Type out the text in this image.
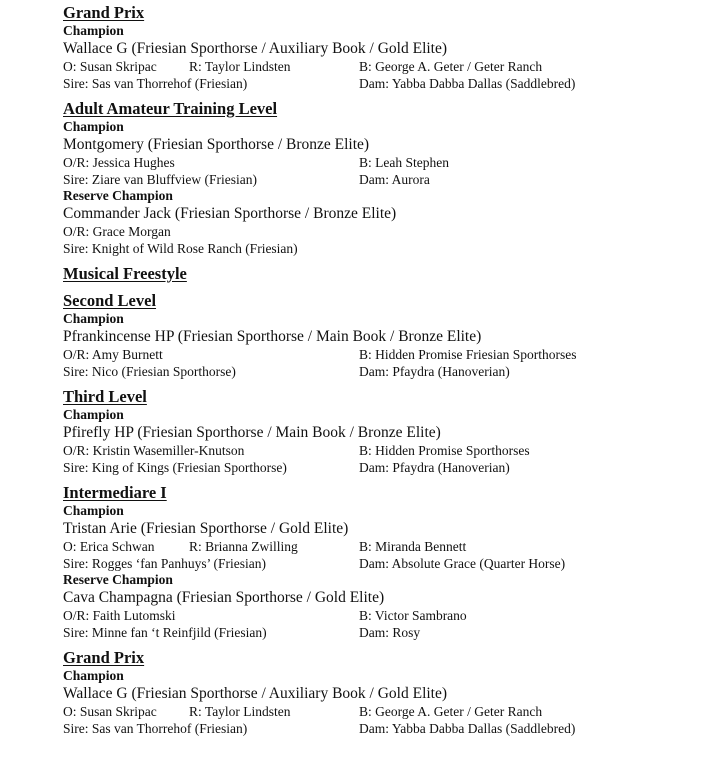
Grand Prix
Champion
Wallace G (Friesian Sporthorse / Auxiliary Book / Gold Elite)
O: Susan Skripac	R: Taylor Lindsten	B: George A. Geter / Geter Ranch
Sire: Sas van Thorrehof (Friesian)	Dam: Yabba Dabba Dallas (Saddlebred)
Adult Amateur Training Level
Champion
Montgomery (Friesian Sporthorse / Bronze Elite)
O/R: Jessica Hughes	B: Leah Stephen
Sire: Ziare van Bluffview (Friesian)	Dam: Aurora
Reserve Champion
Commander Jack (Friesian Sporthorse / Bronze Elite)
O/R: Grace Morgan
Sire: Knight of Wild Rose Ranch (Friesian)
Musical Freestyle
Second Level
Champion
Pfrankincense HP (Friesian Sporthorse / Main Book / Bronze Elite)
O/R: Amy Burnett	B: Hidden Promise Friesian Sporthorses
Sire: Nico (Friesian Sporthorse)	Dam: Pfaydra (Hanoverian)
Third Level
Champion
Pfirefly HP (Friesian Sporthorse / Main Book / Bronze Elite)
O/R: Kristin Wasemiller-Knutson	B: Hidden Promise Sporthorses
Sire: King of Kings (Friesian Sporthorse)	Dam: Pfaydra (Hanoverian)
Intermediare I
Champion
Tristan Arie (Friesian Sporthorse / Gold Elite)
O: Erica Schwan	R: Brianna Zwilling	B: Miranda Bennett
Sire: Rogges ‘fan Panhuys’ (Friesian)	Dam: Absolute Grace (Quarter Horse)
Reserve Champion
Cava Champagna (Friesian Sporthorse / Gold Elite)
O/R: Faith Lutomski	B: Victor Sambrano
Sire: Minne fan ‘t Reinfjild (Friesian)	Dam: Rosy
Grand Prix
Champion
Wallace G (Friesian Sporthorse / Auxiliary Book / Gold Elite)
O: Susan Skripac	R: Taylor Lindsten	B: George A. Geter / Geter Ranch
Sire: Sas van Thorrehof (Friesian)	Dam: Yabba Dabba Dallas (Saddlebred)
